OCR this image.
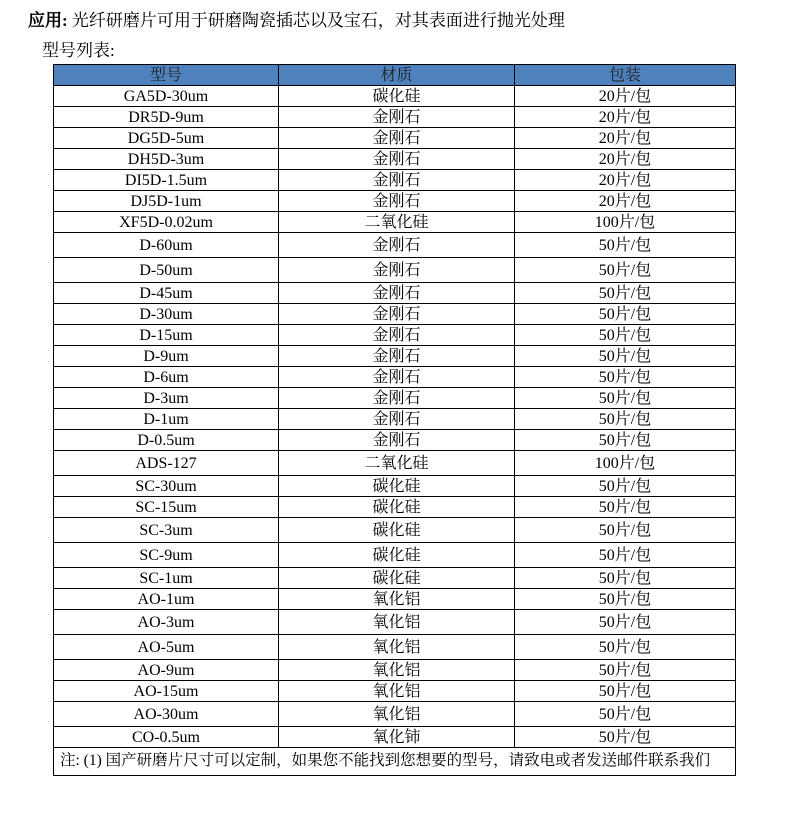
应用: 光纤研磨片可用于研磨陶瓷插芯以及宝石，对其表面进行抛光处理
型号列表:
型号	材质	包装
GA5D-30um	碳化硅	20片/包
DR5D-9um	金刚石	20片/包
DG5D-5um	金刚石	20片/包
DH5D-3um	金刚石	20片/包
DI5D-1.5um	金刚石	20片/包
DJ5D-1um	金刚石	20片/包
XF5D-0.02um	二氧化硅	100片/包
D-60um	金刚石	50片/包
D-50um	金刚石	50片/包
D-45um	金刚石	50片/包
D-30um	金刚石	50片/包
D-15um	金刚石	50片/包
D-9um	金刚石	50片/包
D-6um	金刚石	50片/包
D-3um	金刚石	50片/包
D-1um	金刚石	50片/包
D-0.5um	金刚石	50片/包
ADS-127	二氧化硅	100片/包
SC-30um	碳化硅	50片/包
SC-15um	碳化硅	50片/包
SC-3um	碳化硅	50片/包
SC-9um	碳化硅	50片/包
SC-1um	碳化硅	50片/包
AO-1um	氧化铝	50片/包
AO-3um	氧化铝	50片/包
AO-5um	氧化铝	50片/包
AO-9um	氧化铝	50片/包
AO-15um	氧化铝	50片/包
AO-30um	氧化铝	50片/包
CO-0.5um	氧化铈	50片/包
注: (1) 国产研磨片尺寸可以定制，如果您不能找到您想要的型号，请致电或者发送邮件联系我们		
